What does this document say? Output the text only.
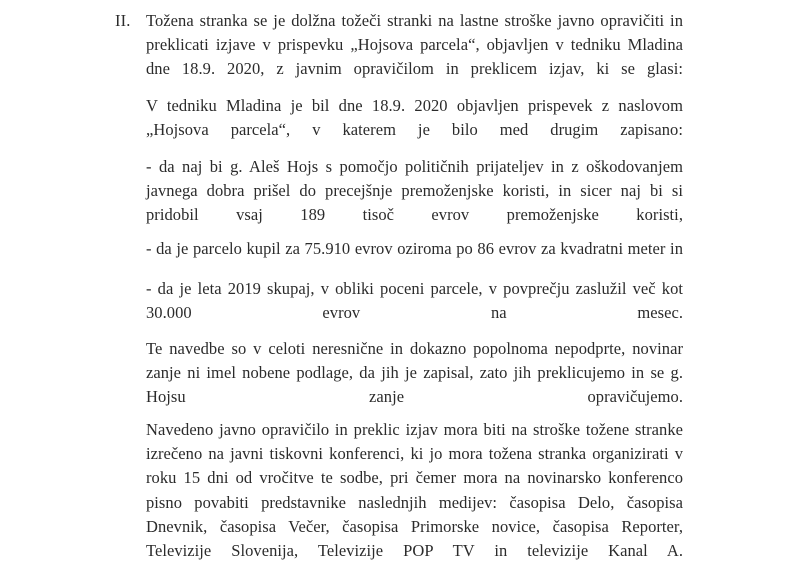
II. Tožena stranka se je dolžna tožeči stranki na lastne stroške javno opravičiti in preklicati izjave v prispevku „Hojsova parcela“, objavljen v tedniku Mladina dne 18.9. 2020, z javnim opravičilom in preklicem izjav, ki se glasi:

V tedniku Mladina je bil dne 18.9. 2020 objavljen prispevek z naslovom „Hojsova parcela“, v katerem je bilo med drugim zapisano:

- da naj bi g. Aleš Hojs s pomočjo političnih prijateljev in z oškodovanjem javnega dobra prišel do precejšnje premoženjske koristi, in sicer naj bi si pridobil vsaj 189 tisoč evrov premoženjske koristi,

- da je parcelo kupil za 75.910 evrov oziroma po 86 evrov za kvadratni meter in

- da je leta 2019 skupaj, v obliki poceni parcele, v povprečju zaslužil več kot 30.000 evrov na mesec.

Te navedbe so v celoti neresnične in dokazno popolnoma nepodprte, novinar zanje ni imel nobene podlage, da jih je zapisal, zato jih preklicujemo in se g. Hojsu zanje opravičujemo.

Navedeno javno opravičilo in preklic izjav mora biti na stroške tožene stranke izrečeno na javni tiskovni konferenci, ki jo mora tožena stranka organizirati v roku 15 dni od vročitve te sodbe, pri čemer mora na novinarsko konferenco pisno povabiti predstavnike naslednjih medijev: časopisa Delo, časopisa Dnevnik, časopisa Večer, časopisa Primorske novice, časopisa Reporter, Televizije Slovenija, Televizije POP TV in televizije Kanal A.
